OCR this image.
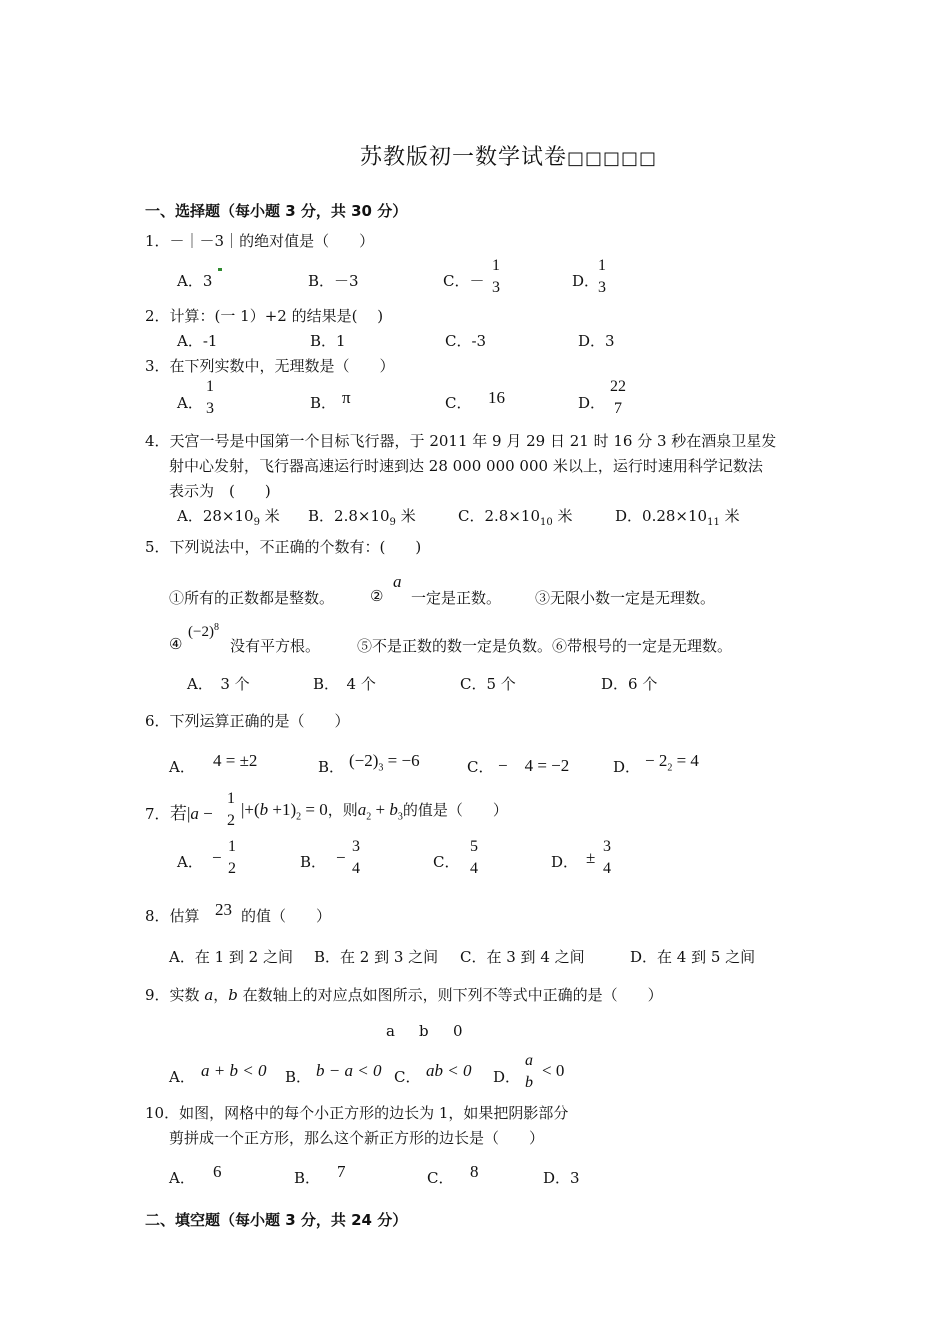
苏教版初一数学试卷□□□□□
一、选择题（每小题 3 分，共 30 分）
1．－｜－3｜的绝对值是（　　）
A．3	B．－3	C．－
1
3	D．
1
3
2．计算：(一 1）+2 的结果是(　 )
A．-1	B．1	C．-3	D．3
3．在下列实数中，无理数是（　　）
A．
1
3	B． π	C． 16	D．
22
7
4．天宫一号是中国第一个目标飞行器，于 2011 年 9 月 29 日 21 时 16 分 3 秒在酒泉卫星发
射中心发射，飞行器高速运行时速到达 28 000 000 000 米以上，运行时速用科学记数法
表示为　(　　)
A．$28\times 10_9$ 米 B．$2.8\times 10_9$ 米	C．$2.8\times 10_{10}$ 米	D．$0.28\times 10_{11}$ 米
5．下列说法中，不正确的个数有：(　　)
①所有的正数都是整数。 ②
a
一定是正数。 ③无限小数一定是无理数。
④
$(-2)^8$
没有平方根。 ⑤不是正数的数一定是负数。⑥带根号的一定是无理数。
A．　3 个	B．　4 个	C．5 个	D．6 个
6．下列运算正确的是（　　）
A． 4 = ±2	B． $(-2)_3 = -6$	C． −　4 = −2	D． − $2_2 = 4$
7． 若|a −
1
2
$|+(b +1)_2 = 0$，则$a_2 + b_3$的值是（　　）
A． −
1
2	B． −
3
4	C．
5
4	D． ±
3
4
8．估算 23 的值（　　）
A．在 1 到 2 之间 B．在 2 到 3 之间 C．在 3 到 4 之间	D．在 4 到 5 之间
9．实数 a，b 在数轴上的对应点如图所示，则下列不等式中正确的是（　　）
a b 0
A． a + b < 0 B． b − a < 0 C． ab < 0 D．
a
b
< 0
10．如图，网格中的每个小正方形的边长为 1，如果把阴影部分
剪拼成一个正方形，那么这个新正方形的边长是（　　）
A． 6	B． 7	C． 8	D．3
二、填空题（每小题 3 分，共 24 分）
